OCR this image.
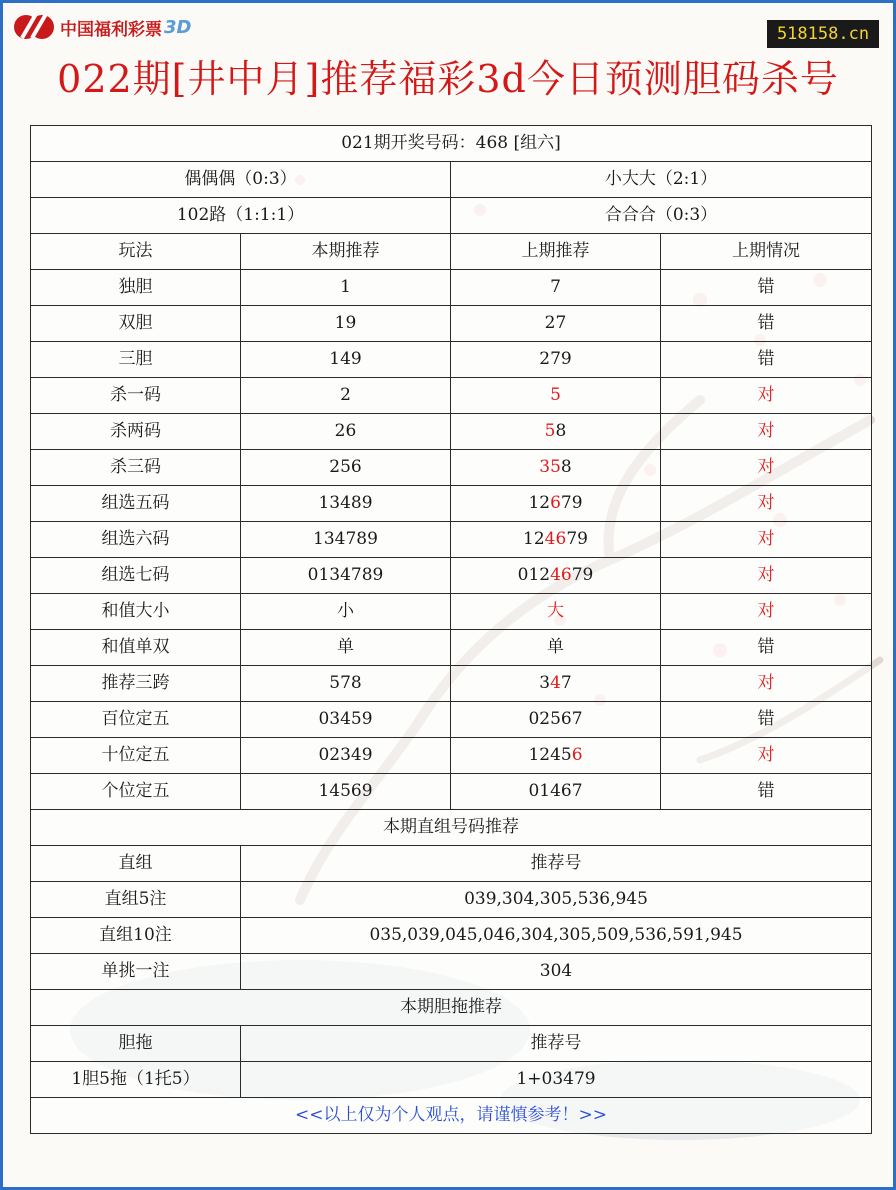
中国福利彩票 3D	518158.cn
022期[井中月]推荐福彩3d今日预测胆码杀号
021期开奖号码：468 [组六]			
偶偶偶（0:3）		小大大（2:1）	
102路（1:1:1）		合合合（0:3）	
玩法	本期推荐	上期推荐	上期情况
独胆	1	7	错
双胆	19	27	错
三胆	149	279	错
杀一码	2	5	对
杀两码	26	58	对
杀三码	256	358	对
组选五码	13489	12679	对
组选六码	134789	124679	对
组选七码	0134789	0124679	对
和值大小	小	大	对
和值单双	单	单	错
推荐三跨	578	347	对
百位定五	03459	02567	错
十位定五	02349	12456	对
个位定五	14569	01467	错
本期直组号码推荐			
直组	推荐号		
直组5注	039,304,305,536,945		
直组10注	035,039,045,046,304,305,509,536,591,945		
单挑一注	304		
本期胆拖推荐			
胆拖	推荐号		
1胆5拖（1托5）	1+03479		
<<以上仅为个人观点，请谨慎参考！>>			
